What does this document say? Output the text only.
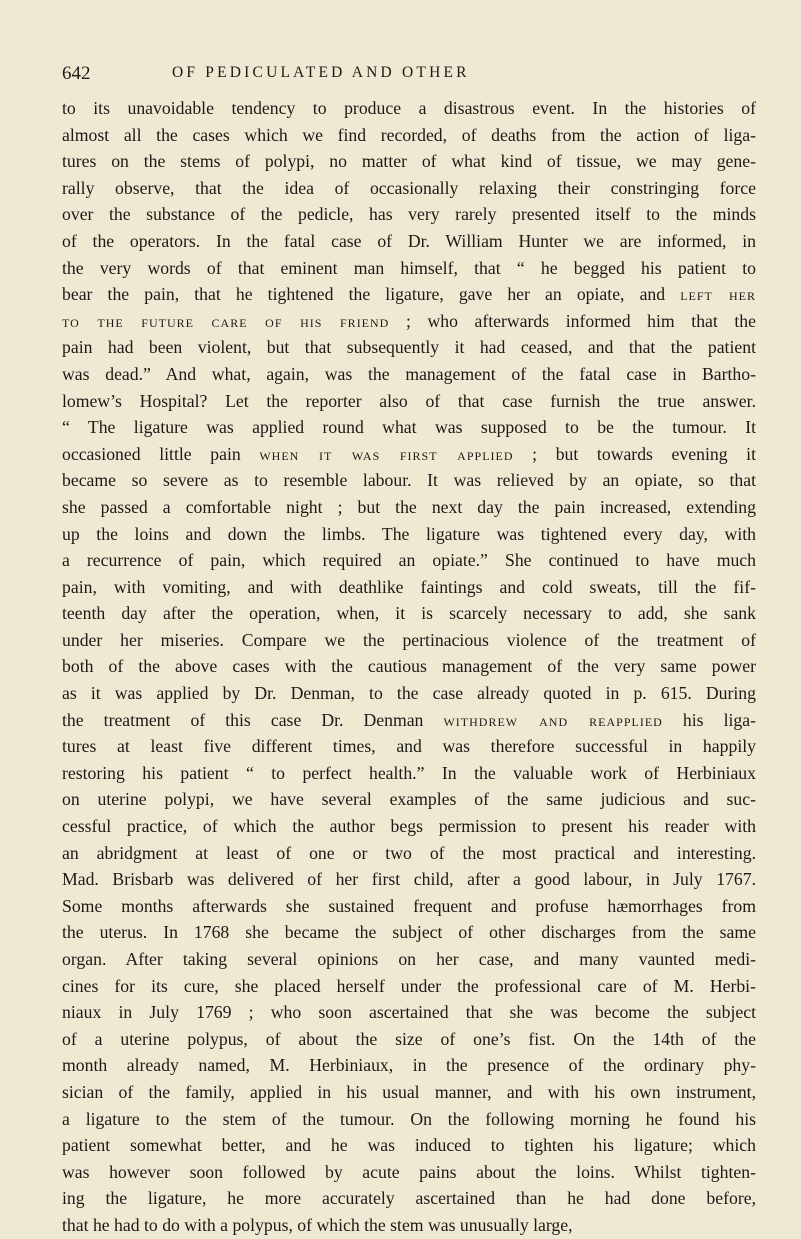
642	OF PEDICULATED AND OTHER
to its unavoidable tendency to produce a disastrous event. In the histories of
almost all the cases which we find recorded, of deaths from the action of liga-
tures on the stems of polypi, no matter of what kind of tissue, we may gene-
rally observe, that the idea of occasionally relaxing their constringing force
over the substance of the pedicle, has very rarely presented itself to the minds
of the operators. In the fatal case of Dr. William Hunter we are informed, in
the very words of that eminent man himself, that “ he begged his patient to
bear the pain, that he tightened the ligature, gave her an opiate, and left her
to the future care of his friend ; who afterwards informed him that the
pain had been violent, but that subsequently it had ceased, and that the patient
was dead.” And what, again, was the management of the fatal case in Bartho-
lomew’s Hospital? Let the reporter also of that case furnish the true answer.
“ The ligature was applied round what was supposed to be the tumour. It
occasioned little pain when it was first applied ; but towards evening it
became so severe as to resemble labour. It was relieved by an opiate, so that
she passed a comfortable night ; but the next day the pain increased, extending
up the loins and down the limbs. The ligature was tightened every day, with
a recurrence of pain, which required an opiate.” She continued to have much
pain, with vomiting, and with deathlike faintings and cold sweats, till the fif-
teenth day after the operation, when, it is scarcely necessary to add, she sank
under her miseries. Compare we the pertinacious violence of the treatment of
both of the above cases with the cautious management of the very same power
as it was applied by Dr. Denman, to the case already quoted in p. 615. During
the treatment of this case Dr. Denman withdrew and reapplied his liga-
tures at least five different times, and was therefore successful in happily
restoring his patient “ to perfect health.” In the valuable work of Herbiniaux
on uterine polypi, we have several examples of the same judicious and suc-
cessful practice, of which the author begs permission to present his reader with
an abridgment at least of one or two of the most practical and interesting.
Mad. Brisbarb was delivered of her first child, after a good labour, in July 1767.
Some months afterwards she sustained frequent and profuse hæmorrhages from
the uterus. In 1768 she became the subject of other discharges from the same
organ. After taking several opinions on her case, and many vaunted medi-
cines for its cure, she placed herself under the professional care of M. Herbi-
niaux in July 1769 ; who soon ascertained that she was become the subject
of a uterine polypus, of about the size of one’s fist. On the 14th of the
month already named, M. Herbiniaux, in the presence of the ordinary phy-
sician of the family, applied in his usual manner, and with his own instrument,
a ligature to the stem of the tumour. On the following morning he found his
patient somewhat better, and he was induced to tighten his ligature; which
was however soon followed by acute pains about the loins. Whilst tighten-
ing the ligature, he more accurately ascertained than he had done before,
that he had to do with a polypus, of which the stem was unusually large,
